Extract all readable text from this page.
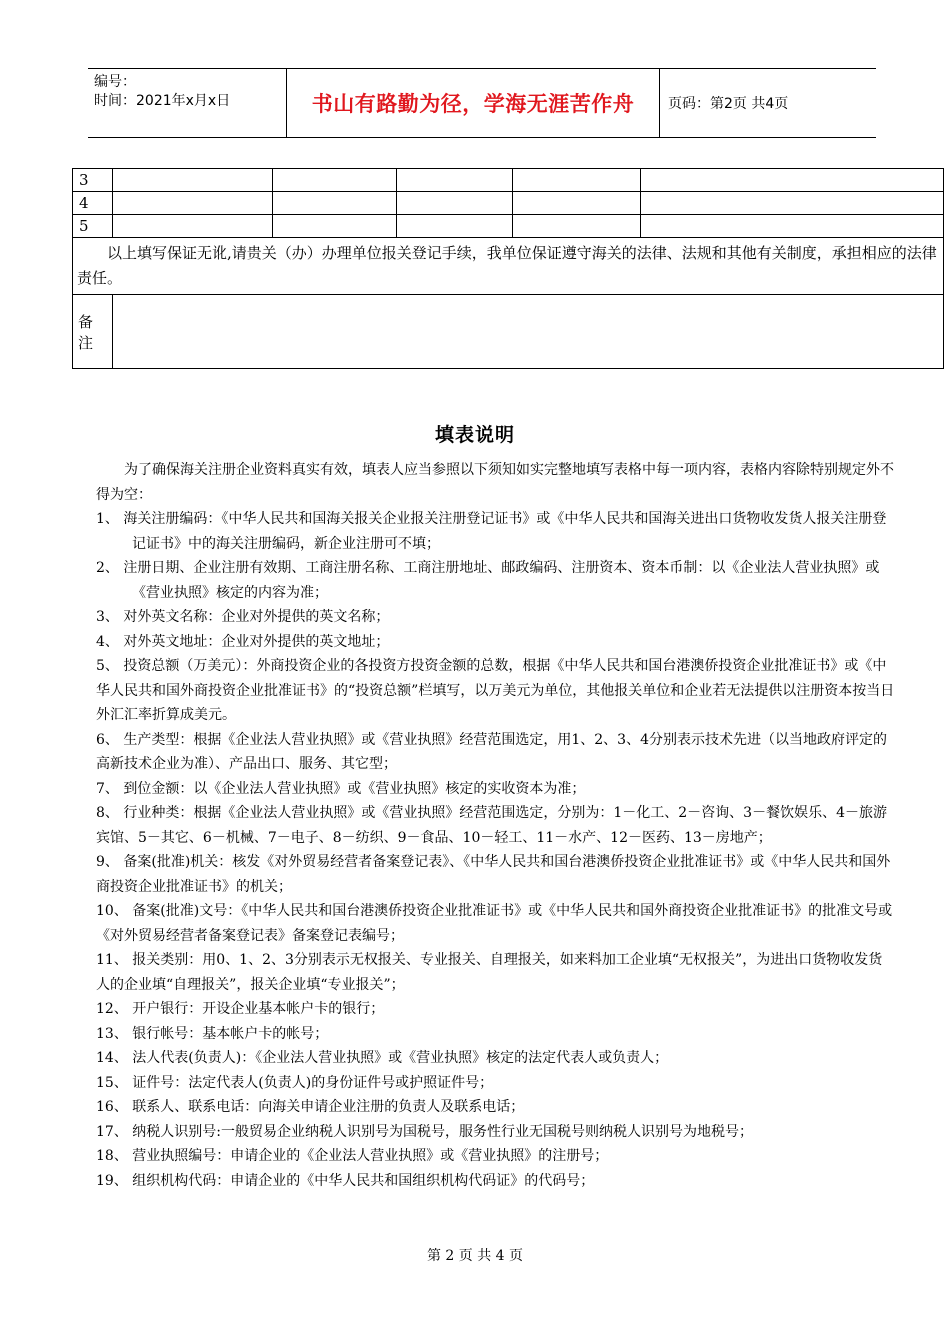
编号：
时间：2021年x月x日	书山有路勤为径，学海无涯苦作舟	页码：第2页 共4页
3					
4					
5					

以上填写保证无讹,请贵关（办）办理单位报关登记手续，我单位保证遵守海关的法律、法规和其他有关制度，承担相应的法律责任。					

备注					
填表说明

为了确保海关注册企业资料真实有效，填表人应当参照以下须知如实完整地填写表格中每一项内容，表格内容除特别规定外不得为空：

1、 海关注册编码：《中华人民共和国海关报关企业报关注册登记证书》或《中华人民共和国海关进出口货物收发货人报关注册登记证书》中的海关注册编码，新企业注册可不填；

2、 注册日期、企业注册有效期、工商注册名称、工商注册地址、邮政编码、注册资本、资本币制：以《企业法人营业执照》或《营业执照》核定的内容为准；

3、 对外英文名称：企业对外提供的英文名称；

4、 对外英文地址：企业对外提供的英文地址；

5、 投资总额（万美元）：外商投资企业的各投资方投资金额的总数，根据《中华人民共和国台港澳侨投资企业批准证书》或《中华人民共和国外商投资企业批准证书》的“投资总额”栏填写，以万美元为单位，其他报关单位和企业若无法提供以注册资本按当日外汇汇率折算成美元。

6、 生产类型：根据《企业法人营业执照》或《营业执照》经营范围选定，用1、2、3、4分别表示技术先进（以当地政府评定的高新技术企业为准）、产品出口、服务、其它型；

7、 到位金额：以《企业法人营业执照》或《营业执照》核定的实收资本为准；

8、 行业种类：根据《企业法人营业执照》或《营业执照》经营范围选定，分别为：1－化工、2－咨询、3－餐饮娱乐、4－旅游宾馆、5－其它、6－机械、7－电子、8－纺织、9－食品、10－轻工、11－水产、12－医药、13－房地产；

9、 备案(批准)机关：核发《对外贸易经营者备案登记表》、《中华人民共和国台港澳侨投资企业批准证书》或《中华人民共和国外商投资企业批准证书》的机关；

10、 备案(批准)文号：《中华人民共和国台港澳侨投资企业批准证书》或《中华人民共和国外商投资企业批准证书》的批准文号或《对外贸易经营者备案登记表》备案登记表编号；

11、 报关类别：用0、1、2、3分别表示无权报关、专业报关、自理报关，如来料加工企业填“无权报关”，为进出口货物收发货人的企业填“自理报关”，报关企业填“专业报关”；

12、 开户银行：开设企业基本帐户卡的银行；

13、 银行帐号：基本帐户卡的帐号；

14、 法人代表(负责人)：《企业法人营业执照》或《营业执照》核定的法定代表人或负责人；

15、 证件号：法定代表人(负责人)的身份证件号或护照证件号；

16、 联系人、联系电话：向海关申请企业注册的负责人及联系电话；

17、 纳税人识别号:一般贸易企业纳税人识别号为国税号，服务性行业无国税号则纳税人识别号为地税号；

18、 营业执照编号：申请企业的《企业法人营业执照》或《营业执照》的注册号；

19、 组织机构代码：申请企业的《中华人民共和国组织机构代码证》的代码号；

第 2 页 共 4 页
